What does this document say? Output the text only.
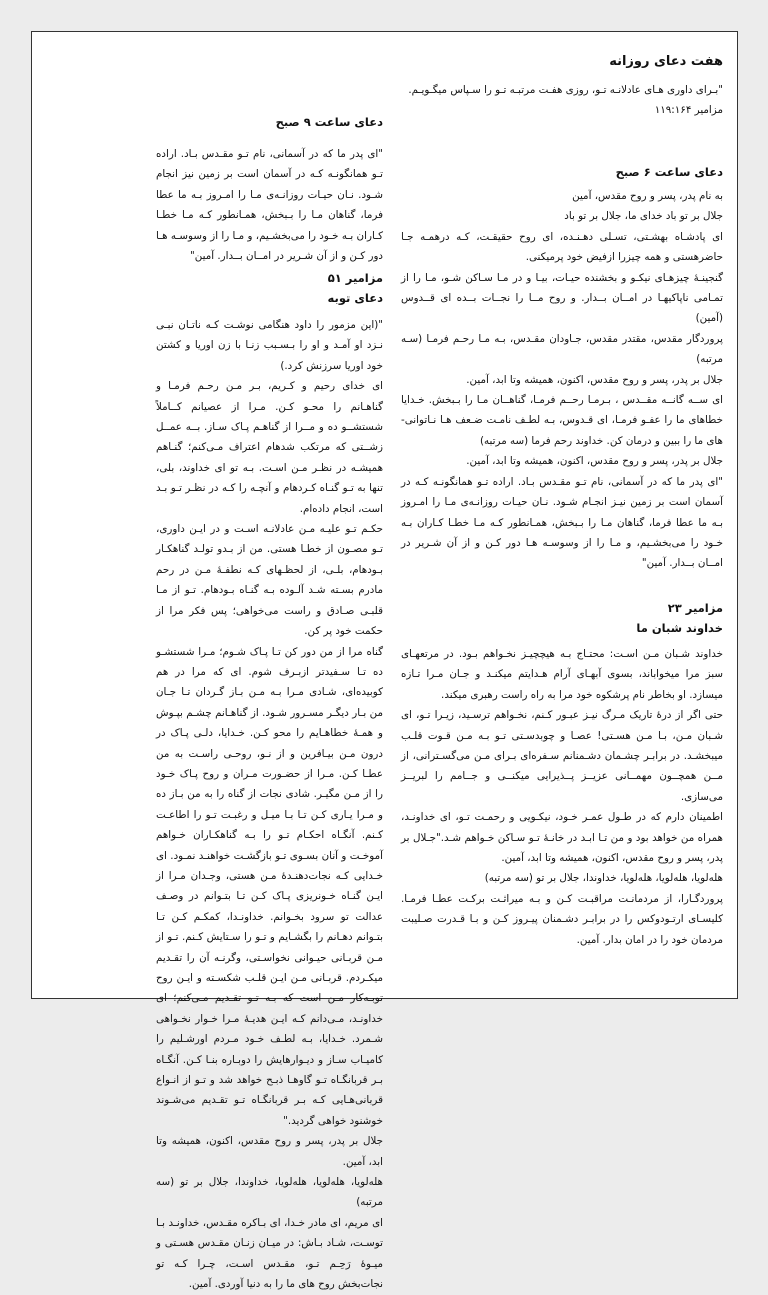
هفت دعای روزانه

"بـرای داوری هـای عادلانـه تـو، روزی هفـت مرتبـه تـو را سـپاس میگـویـم.

مزامیر ۱۱۹:۱۶۴

دعای ساعت ۶ صبح

به نام پدر، پسر و روح مقدس، آمین

جلال بر تو باد خدای ما، جلال بر تو باد

ای پادشـاه بهشـتی، تسـلی دهـنـده، ای روح حقیقـت، کـه درهمـه جـا حاضرهستی و همه چیزرا ازفیض خود پرمیکنی.

گنجینـهٔ چیزهـای نیکـو و بخشنده حیـات، بیـا و در مـا سـاکن شـو، مـا را از تمـامی ناپاکیهـا در امــان بــدار. و روح مــا را نجــات بــده ای قــدوس (آمین)

پروردگار مقدس، مقتدر مقدس، جـاودان مقـدس، بـه مـا رحـم فرمـا (سـه مرتبه)

جلال بر پدر، پسر و روح مقدس، اکنون، همیشه وتا ابد، آمین.

ای ســه گانــه مقــدس ، بـرمـا رحــم فرمـا، گناهــان مـا را بـبخش. خـدایا خطاهای ما را عفـو فرمـا، ای قـدوس، بـه لطـف نامـت ضـعف هـا نـاتوانی-های ما را ببین و درمان کن. خداوند رحم فرما (سه مرتبه)

جلال بر پدر، پسر و روح مقدس، اکنون، همیشه وتا ابد، آمین.

"ای پدر ما که در آسمانی، نام تـو مقـدس بـاد. اراده تـو همانگونـه کـه در آسمان است بر زمین نیـز انجـام شـود. نـان حیـات روزانـه‌ی مـا را امـروز بـه ما عطا فرما، گناهان مـا را بـبخش، همـانطور کـه مـا خطـا کـاران بـه خـود را می‌بخشـیم، و مـا را از وسوسـه هـا دور کـن و از آن شـریر در امــان بــدار. آمین"

مزامیر ۲۳
خداوند شبان ما

خداوند شـبان مـن اسـت: محتـاج بـه هیچچیـز نخـواهم بـود. در مرتعهـای سبز مرا میخواباند، بسوی آبهـای آرام هـدایتم میکنـد و جـان مـرا تـازه میسازد. او بخاطر نام پرشکوه خود مرا به راه راست رهبری میکند.

حتی اگر از درهٔ تاریک مـرگ نیـز عبـور کـنم، نخـواهم ترسـید، زیـرا تـو، ای شـبان مـن، بـا مـن هسـتی! عصـا و چوبدسـتی تـو بـه مـن قـوت قلـب میبخشـد. در برابـر چشـمان دشـمنانم سـفره‌ای بـرای مـن می‌گسـترانی، از مــن همچــون مهمــانی عزیــز پــذیرایی میکنــی و جــامم را لبریــز می‌سازی.

اطمینان دارم که در طـول عمـر خـود، نیکـویی و رحمـت تـو، ای خداونـد، همراه من خواهد بود و من تـا ابـد در خانـهٔ تـو سـاکن خـواهم شـد."جـلال بر پدر، پسر و روح مقدس، اکنون، همیشه وتا ابد، آمین.

هلەلویا، هلەلویا، هلەلویا، خداوندا، جلال بر تو (سه مرتبه)

پروردگـارا، از مردمانـت مراقبـت کـن و بـه میراثـت برکـت عطـا فرمـا. کلیسـای ارتـودوکس را در برابـر دشـمنان پیـروز کـن و بـا قـدرت صـلیبت مردمان خود را در امان بدار. آمین.

دعای ساعت ۹ صبح

"ای پدر ما که در آسمانی، نام تـو مقـدس بـاد. اراده تـو همانگونـه کـه در آسمان است بر زمین نیز انجام شـود. نـان حیـات روزانـه‌ی مـا را امـروز بـه ما عطا فرما، گناهان مـا را بـبخش، همـانطور کـه مـا خطـا کـاران بـه خـود را می‌بخشـیم، و مـا را از وسوسـه هـا دور کـن و از آن شـریر در امــان بــدار. آمین"

مزامیر ۵۱
دعای توبه

"(این مزمور را داود هنگامی نوشـت کـه ناتـان نبـی نـزد او آمـد و او را بـسـبب زنـا با زن اوریا و کشتن خود اوریا سرزنش کرد.)

ای خدای رحیم و کـریم، بـر مـن رحـم فرمـا و گناهـانم را محـو کـن. مـرا از عصیانم کــاملاً شستشــو ده و مــرا از گناهـم پـاک سـاز. بــه عمــل زشــتی که مرتکب شدهام اعتراف مـی‌کنم؛ گنـاهم همیشـه در نظـر مـن اسـت. بـه تو ای خداوند، بلی، تنها به تـو گنـاه کـردهام و آنچـه را کـه در نظـر تـو بـد است، انجام داده‌ام.

حکـم تـو علیـه مـن عادلانـه اسـت و در ایـن داوری، تـو مصـون از خطـا هستی. من از بـدو تولـد گناهکـار بـودهام، بلـی، از لحظـهای کـه نطفـهٔ مـن در رحم مادرم بسـته شـد آلـوده بـه گنـاه بـودهام. تـو از مـا قلبـی صـادق و راست می‌خواهی؛ پس فکر مرا از حکمت خود پر کن.

گناه مرا از من دور کن تـا پـاک شـوم؛ مـرا شستشـو ده تـا سـفیدتر ازبـرف شوم. ای که مرا در هم کوبیده‌ای، شـادی مـرا بـه مـن بـاز گـردان تـا جـان من بـار دیگـر مسـرور شـود. از گناهـانم چشـم بپـوش و همـهٔ خطاهـایم را محو کـن. خـدایا، دلـی پـاک در درون مـن بیـافرین و از نـو، روحـی راسـت به من عطـا کـن. مـرا از حضـورت مـران و روح پـاک خـود را از مـن مگیـر. شادی نجات از گناه را به من بـاز ده و مـرا یـاری کـن تـا بـا میـل و رغبـت تـو را اطاعـت کـنم. آنگـاه احکـام تـو را بـه گناهکـاران خـواهم آموخـت و آنان بسـوی تـو بازگشـت خواهنـد نمـود. ای خـدایی کـه نجات‌دهنـدهٔ مـن هستی، وجـدان مـرا از ایـن گنـاه خـونریزی پـاک کـن تـا بتـوانم در وصـف عدالت تو سرود بخـوانم. خداونـدا، کمکـم کـن تـا بتـوانم دهـانم را بگشـایم و تـو را سـتایش کـنم. تـو از مـن قربـانی حیـوانی نخواسـتی، وگرنـه آن را تقـدیم میکـردم. قربـانی مـن ایـن قلـب شکسـته و ایـن روح توبـه‌کار مـن است که بـه تـو تقـدیم مـی‌کنم؛ ای خداونـد، مـی‌دانم کـه ایـن هدیـهٔ مـرا خـوار نخـواهی شـمرد. خـدایا، بـه لطـف خـود مـردم اورشـلیم را کامیـاب سـاز و دیـوارهایش را دوبـاره بنـا کـن. آنگـاه بـر قربانگـاه تـو گاوهـا ذبـح خواهد شد و تـو از انـواع قربانی‌هـایی کـه بـر قربانگـاه تـو تقـدیم می‌شـوند خوشنود خواهی گردید."

جلال بر پدر، پسر و روح مقدس، اکنون، همیشه وتا ابد، آمین.

هلەلویا، هلەلویا، هلەلویا، خداوندا، جلال بر تو (سه مرتبه)

ای مریم، ای مادر خـدا، ای بـاکره مقـدس، خداونـد بـا توسـت، شـاد بـاش: در میـان زنـان مقـدس هسـتی و میـوهٔ رَحِـم تـو، مقـدس اسـت، چـرا کـه تو نجات‌بخش روح های ما را به دنیا آوردی. آمین.
